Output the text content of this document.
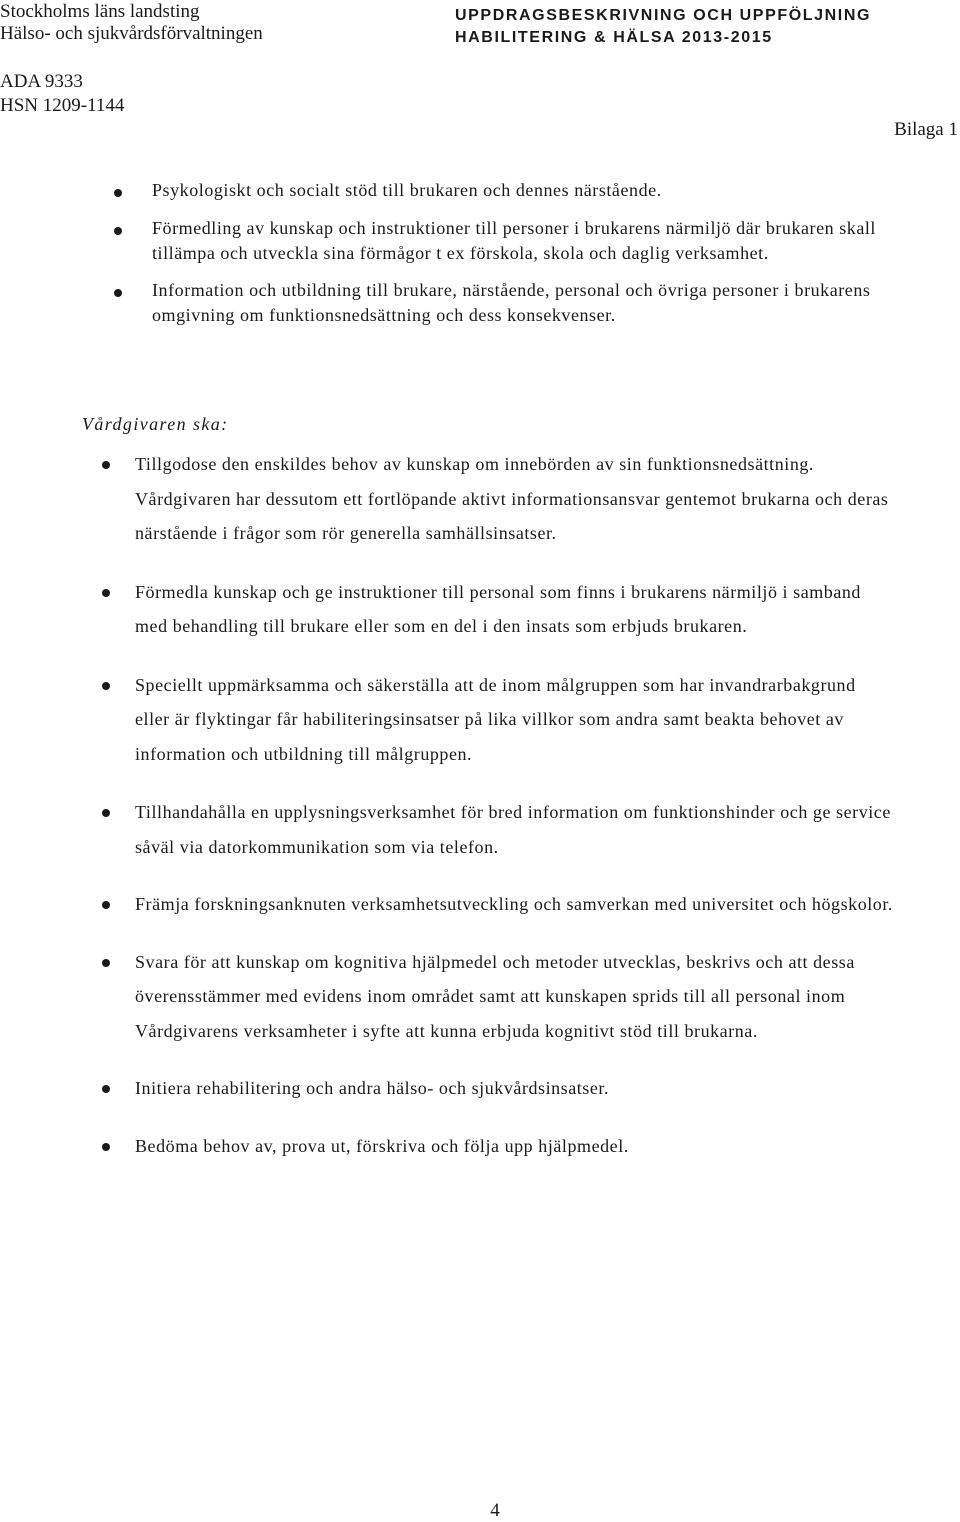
Stockholms läns landsting
Hälso- och sjukvårdsförvaltningen
UPPDRAGSBESKRIVNING OCH UPPFÖLJNING
HABILITERING & HÄLSA 2013-2015
ADA 9333
HSN 1209-1144
Bilaga 1
Psykologiskt och socialt stöd till brukaren och dennes närstående.
Förmedling av kunskap och instruktioner till personer i brukarens närmiljö där brukaren skall tillämpa och utveckla sina förmågor t ex förskola, skola och daglig verksamhet.
Information och utbildning till brukare, närstående, personal och övriga personer i brukarens omgivning om funktionsnedsättning och dess konsekvenser.
Vårdgivaren ska:
Tillgodose den enskildes behov av kunskap om innebörden av sin funktionsnedsättning. Vårdgivaren har dessutom ett fortlöpande aktivt informationsansvar gentemot brukarna och deras närstående i frågor som rör generella samhällsinsatser.
Förmedla kunskap och ge instruktioner till personal som finns i brukarens närmiljö i samband med behandling till brukare eller som en del i den insats som erbjuds brukaren.
Speciellt uppmärksamma och säkerställa att de inom målgruppen som har invandrarbakgrund eller är flyktingar får habiliteringsinsatser på lika villkor som andra samt beakta behovet av information och utbildning till målgruppen.
Tillhandahålla en upplysningsverksamhet för bred information om funktionshinder och ge service såväl via datorkommunikation som via telefon.
Främja forskningsanknuten verksamhetsutveckling och samverkan med universitet och högskolor.
Svara för att kunskap om kognitiva hjälpmedel och metoder utvecklas, beskrivs och att dessa överensstämmer med evidens inom området samt att kunskapen sprids till all personal inom Vårdgivarens verksamheter i syfte att kunna erbjuda kognitivt stöd till brukarna.
Initiera rehabilitering och andra hälso- och sjukvårdsinsatser.
Bedöma behov av, prova ut, förskriva och följa upp hjälpmedel.
4
